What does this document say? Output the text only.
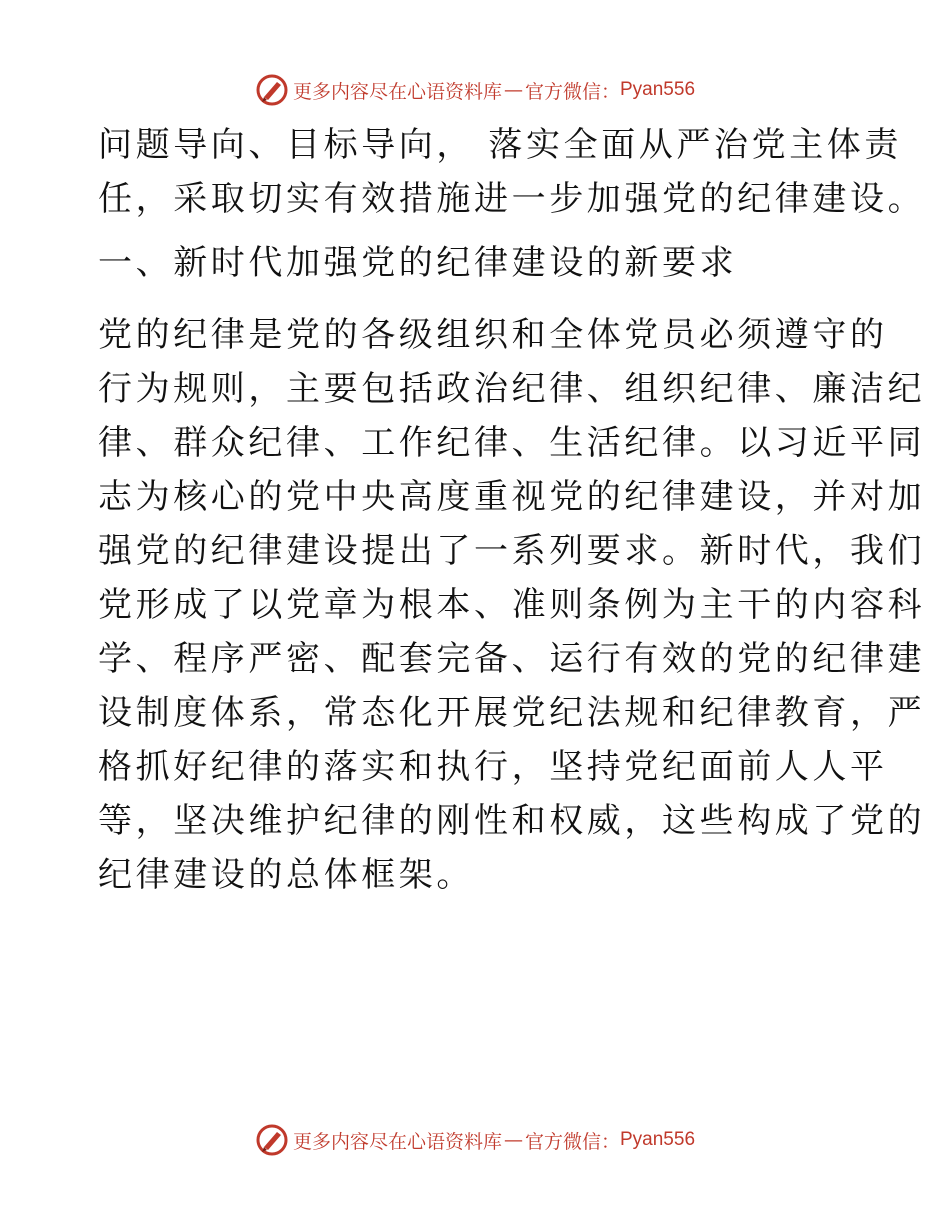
更多内容尽在心语资料库 — 官方微信： Pyan556
问题导向、目标导向， 落实全面从严治党主体责
任，采取切实有效措施进一步加强党的纪律建设。
一、新时代加强党的纪律建设的新要求
党的纪律是党的各级组织和全体党员必须遵守的
行为规则，主要包括政治纪律、组织纪律、廉洁纪
律、群众纪律、工作纪律、生活纪律。以习近平同
志为核心的党中央高度重视党的纪律建设，并对加
强党的纪律建设提出了一系列要求。新时代，我们
党形成了以党章为根本、准则条例为主干的内容科
学、程序严密、配套完备、运行有效的党的纪律建
设制度体系，常态化开展党纪法规和纪律教育，严
格抓好纪律的落实和执行，坚持党纪面前人人平
等，坚决维护纪律的刚性和权威，这些构成了党的
纪律建设的总体框架。
更多内容尽在心语资料库 — 官方微信： Pyan556
